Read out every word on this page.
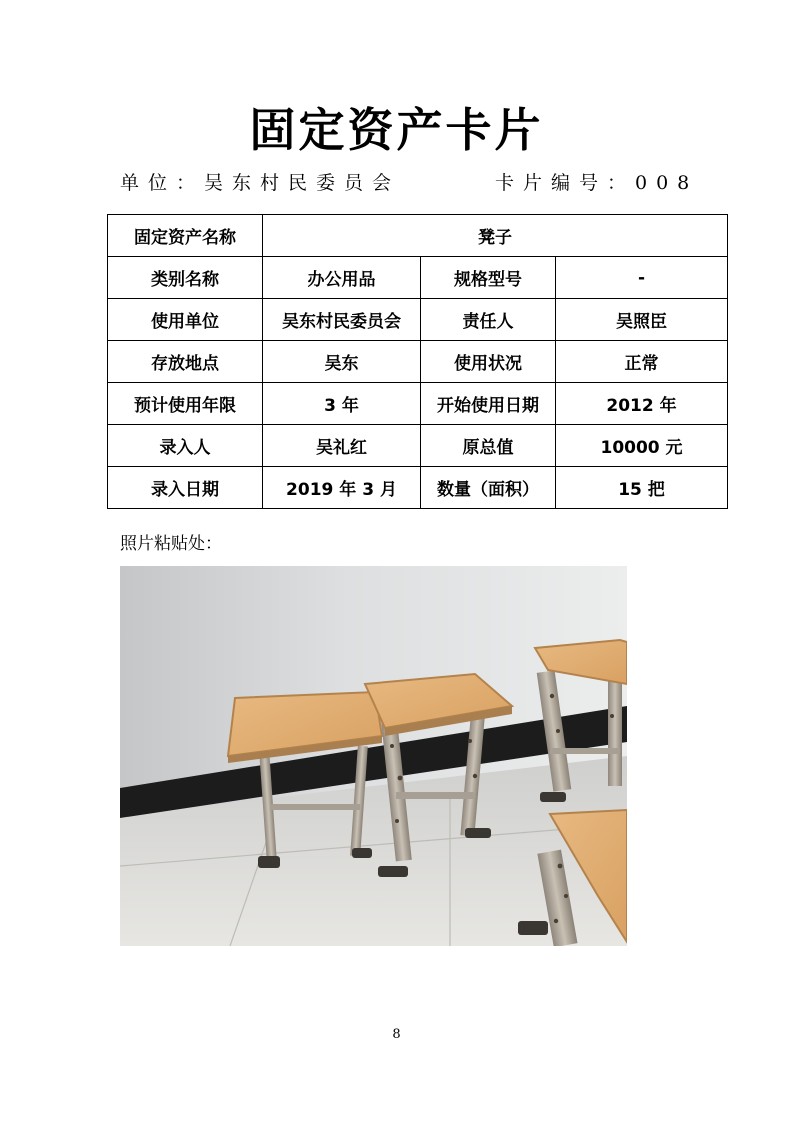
固定资产卡片
单位：吴东村民委员会	卡片编号：008
固定资产名称	凳子		
类别名称	办公用品	规格型号	-
使用单位	吴东村民委员会	责任人	吴照臣
存放地点	吴东	使用状况	正常
预计使用年限	3 年	开始使用日期	2012 年
录入人	吴礼红	原总值	10000 元
录入日期	2019 年 3 月	数量（面积）	15 把
照片粘贴处：
8
